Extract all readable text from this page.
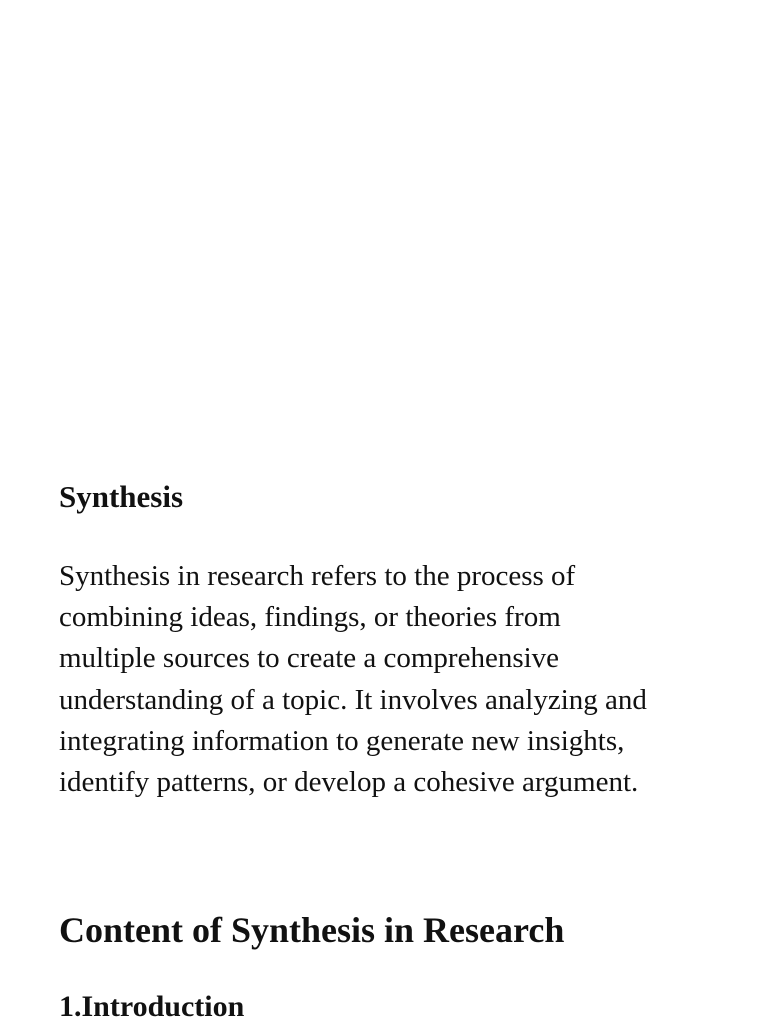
Synthesis

Synthesis in research refers to the process of
combining ideas, findings, or theories from
multiple sources to create a comprehensive
understanding of a topic. It involves analyzing and
integrating information to generate new insights,
identify patterns, or develop a cohesive argument.

Content of Synthesis in Research
1.Introduction
